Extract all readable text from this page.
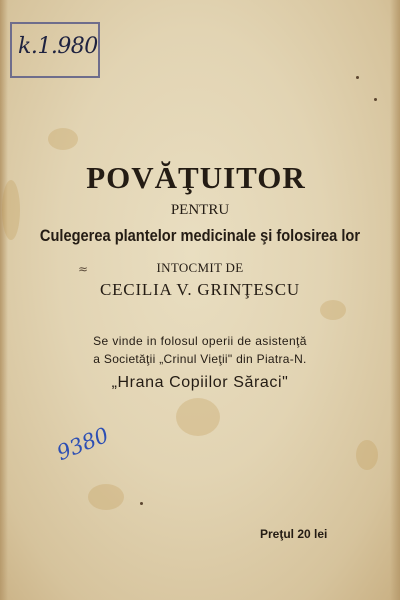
k.1.980
POVĂŢUITOR
PENTRU
Culegerea plantelor medicinale şi folosirea lor
INTOCMIT DE
≈
CECILIA V. GRINŢESCU
Se vinde in folosul operii de asistenţă
a Societăţii „Crinul Vieţii" din Piatra-N.
„Hrana Copiilor Săraci"
9380
Preţul 20 lei
